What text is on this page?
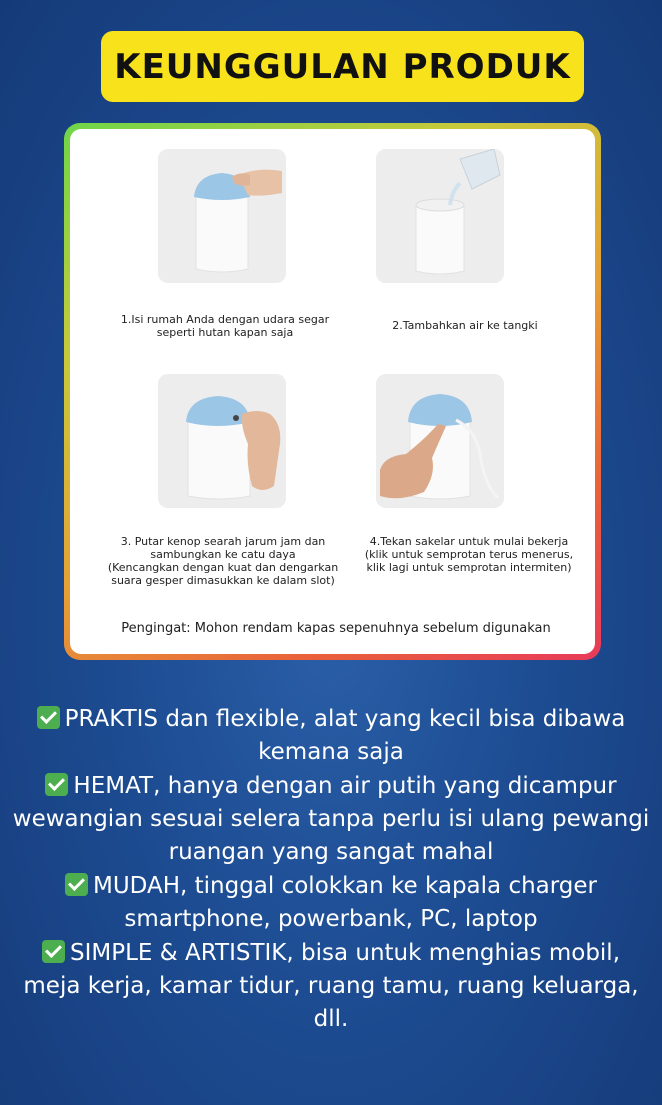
KEUNGGULAN PRODUK
1.Isi rumah Anda dengan udara segar
seperti hutan kapan saja
2.Tambahkan air ke tangki
3. Putar kenop searah jarum jam dan
sambungkan ke catu daya
(Kencangkan dengan kuat dan dengarkan
suara gesper dimasukkan ke dalam slot)
4.Tekan sakelar untuk mulai bekerja
(klik untuk semprotan terus menerus,
klik lagi untuk semprotan intermiten)
Pengingat: Mohon rendam kapas sepenuhnya sebelum digunakan
PRAKTIS dan flexible, alat yang kecil bisa dibawa kemana saja
HEMAT, hanya dengan air putih yang dicampur wewangian sesuai selera tanpa perlu isi ulang pewangi ruangan yang sangat mahal
MUDAH, tinggal colokkan ke kapala charger smartphone, powerbank, PC, laptop
SIMPLE & ARTISTIK, bisa untuk menghias mobil, meja kerja, kamar tidur, ruang tamu, ruang keluarga, dll.
